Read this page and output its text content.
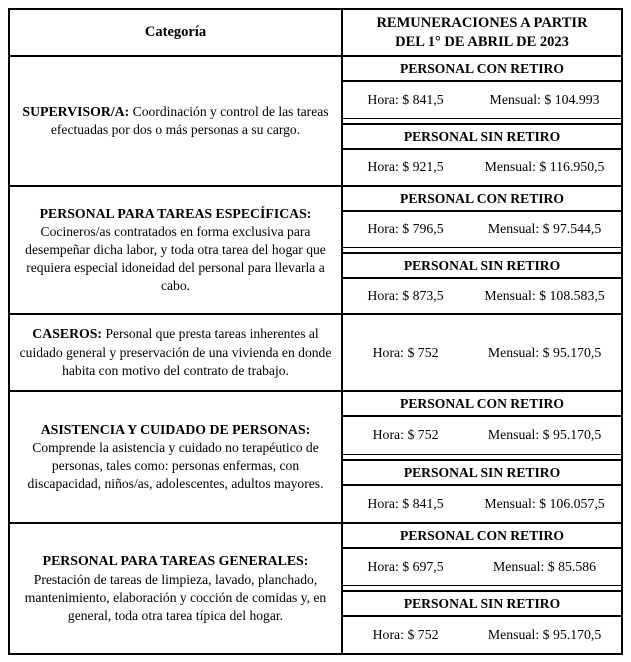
Categoría
REMUNERACIONES A PARTIR DEL 1° DE ABRIL DE 2023
SUPERVISOR/A: Coordinación y control de las tareas efectuadas por dos o más personas a su cargo.
PERSONAL CON RETIRO
Hora: $ 841,5	Mensual: $ 104.993
PERSONAL SIN RETIRO
Hora: $ 921,5	Mensual: $ 116.950,5
PERSONAL PARA TAREAS ESPECÍFICAS: Cocineros/as contratados en forma exclusiva para desempeñar dicha labor, y toda otra tarea del hogar que requiera especial idoneidad del personal para llevarla a cabo.
PERSONAL CON RETIRO
Hora: $ 796,5	Mensual: $ 97.544,5
PERSONAL SIN RETIRO
Hora: $ 873,5	Mensual: $ 108.583,5
CASEROS: Personal que presta tareas inherentes al cuidado general y preservación de una vivienda en donde habita con motivo del contrato de trabajo.
Hora: $ 752	Mensual: $ 95.170,5
ASISTENCIA Y CUIDADO DE PERSONAS: Comprende la asistencia y cuidado no terapéutico de personas, tales como: personas enfermas, con discapacidad, niños/as, adolescentes, adultos mayores.
PERSONAL CON RETIRO
Hora: $ 752	Mensual: $ 95.170,5
PERSONAL SIN RETIRO
Hora: $ 841,5	Mensual: $ 106.057,5
PERSONAL PARA TAREAS GENERALES: Prestación de tareas de limpieza, lavado, planchado, mantenimiento, elaboración y cocción de comidas y, en general, toda otra tarea típica del hogar.
PERSONAL CON RETIRO
Hora: $ 697,5	Mensual: $ 85.586
PERSONAL SIN RETIRO
Hora: $ 752	Mensual: $ 95.170,5
